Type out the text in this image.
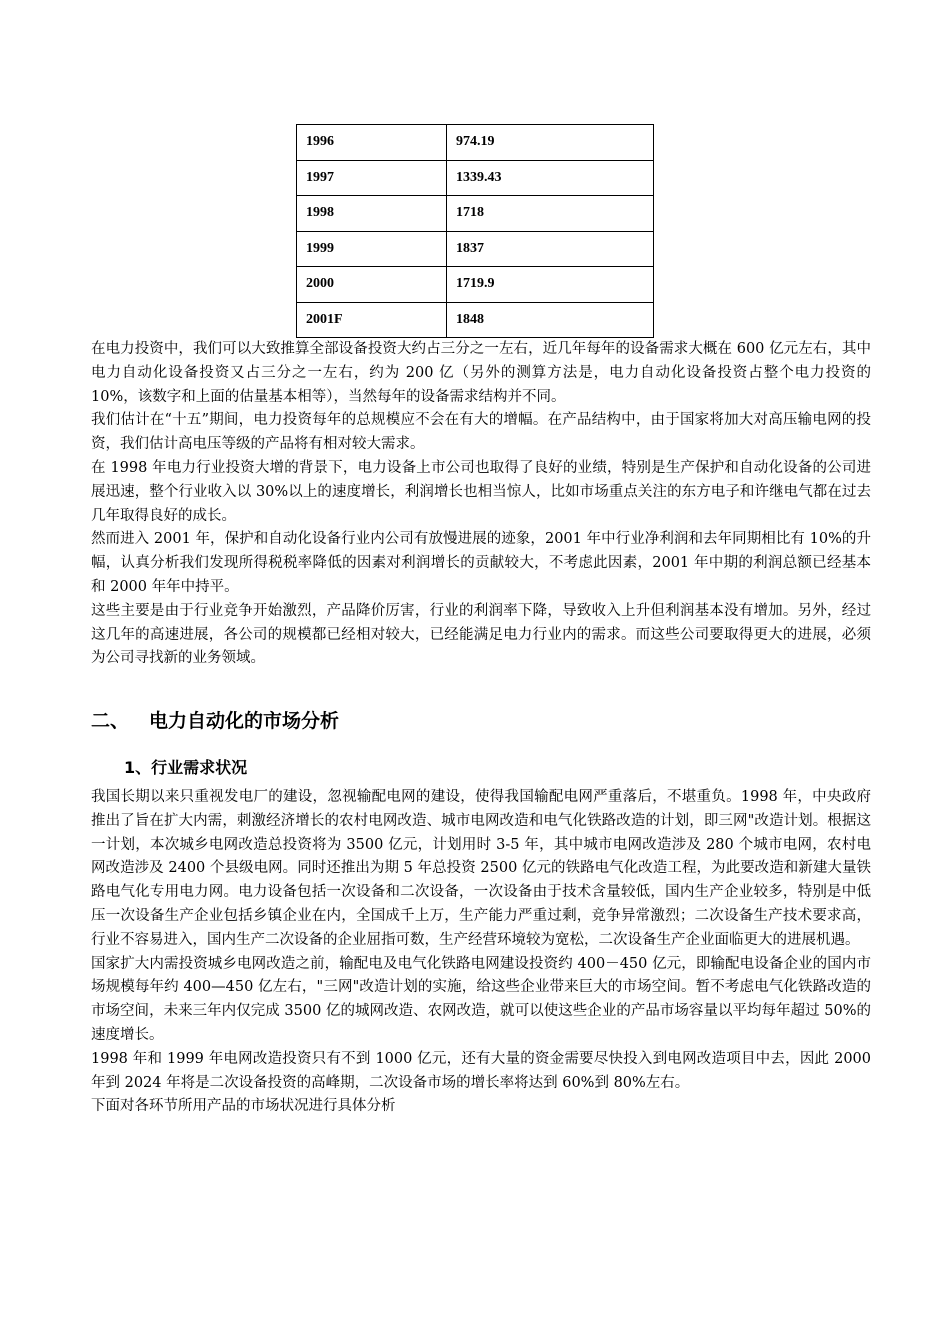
1996	974.19
1997	1339.43
1998	1718
1999	1837
2000	1719.9
2001F	1848

在电力投资中，我们可以大致推算全部设备投资大约占三分之一左右，近几年每年的设备需求大概在 600 亿元左右，其中电力自动化设备投资又占三分之一左右，约为 200 亿（另外的测算方法是，电力自动化设备投资占整个电力投资的 10%，该数字和上面的估量基本相等），当然每年的设备需求结构并不同。

我们估计在“十五”期间，电力投资每年的总规模应不会在有大的增幅。在产品结构中，由于国家将加大对高压输电网的投资，我们估计高电压等级的产品将有相对较大需求。

在 1998 年电力行业投资大增的背景下，电力设备上市公司也取得了良好的业绩，特别是生产保护和自动化设备的公司进展迅速，整个行业收入以 30%以上的速度增长，利润增长也相当惊人，比如市场重点关注的东方电子和许继电气都在过去几年取得良好的成长。

然而进入 2001 年，保护和自动化设备行业内公司有放慢进展的迹象，2001 年中行业净利润和去年同期相比有 10%的升幅，认真分析我们发现所得税税率降低的因素对利润增长的贡献较大，不考虑此因素，2001 年中期的利润总额已经基本和 2000 年年中持平。

这些主要是由于行业竞争开始激烈，产品降价厉害，行业的利润率下降，导致收入上升但利润基本没有增加。另外，经过这几年的高速进展，各公司的规模都已经相对较大，已经能满足电力行业内的需求。而这些公司要取得更大的进展，必须为公司寻找新的业务领域。

二、 电力自动化的市场分析
1、行业需求状况

我国长期以来只重视发电厂的建设，忽视输配电网的建设，使得我国输配电网严重落后，不堪重负。1998 年，中央政府推出了旨在扩大内需，刺激经济增长的农村电网改造、城市电网改造和电气化铁路改造的计划，即三网"改造计划。根据这一计划，本次城乡电网改造总投资将为 3500 亿元，计划用时 3-5 年，其中城市电网改造涉及 280 个城市电网，农村电网改造涉及 2400 个县级电网。同时还推出为期 5 年总投资 2500 亿元的铁路电气化改造工程，为此要改造和新建大量铁路电气化专用电力网。电力设备包括一次设备和二次设备，一次设备由于技术含量较低，国内生产企业较多，特别是中低压一次设备生产企业包括乡镇企业在内，全国成千上万，生产能力严重过剩，竞争异常激烈；二次设备生产技术要求高，行业不容易进入，国内生产二次设备的企业屈指可数，生产经营环境较为宽松，二次设备生产企业面临更大的进展机遇。

国家扩大内需投资城乡电网改造之前，输配电及电气化铁路电网建设投资约 400－450 亿元，即输配电设备企业的国内市场规模每年约 400—450 亿左右，"三网"改造计划的实施，给这些企业带来巨大的市场空间。暂不考虑电气化铁路改造的市场空间，未来三年内仅完成 3500 亿的城网改造、农网改造，就可以使这些企业的产品市场容量以平均每年超过 50%的速度增长。

1998 年和 1999 年电网改造投资只有不到 1000 亿元，还有大量的资金需要尽快投入到电网改造项目中去，因此 2000 年到 2024 年将是二次设备投资的高峰期，二次设备市场的增长率将达到 60%到 80%左右。

下面对各环节所用产品的市场状况进行具体分析
